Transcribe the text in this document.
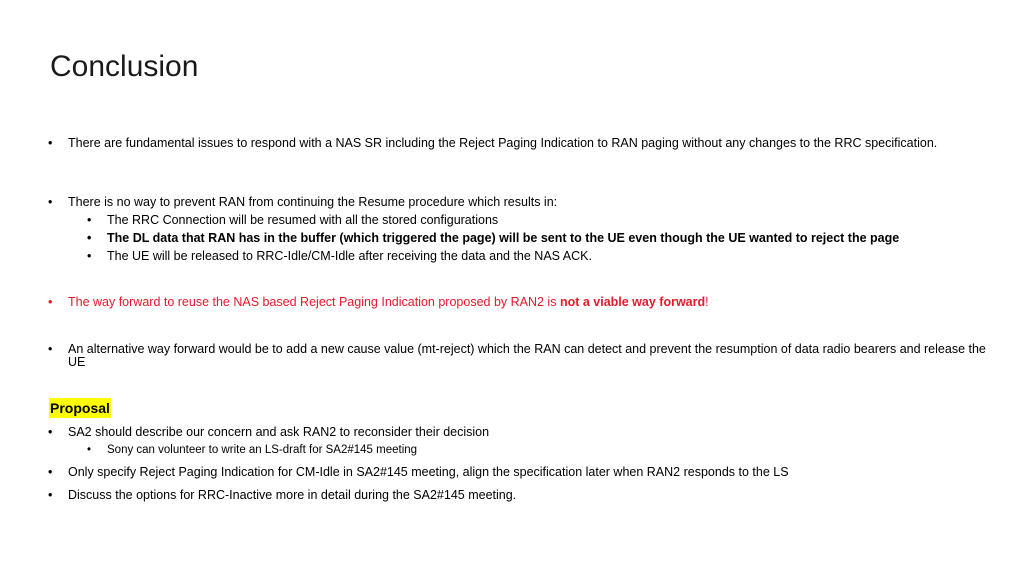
Conclusion
•	There are fundamental issues to respond with a NAS SR including the Reject Paging Indication to RAN paging without any changes to the RRC specification.
•	There is no way to prevent RAN from continuing the Resume procedure which results in:
•	The RRC Connection will be resumed with all the stored configurations
•	The DL data that RAN has in the buffer (which triggered the page) will be sent to the UE even though the UE wanted to reject the page
•	The UE will be released to RRC-Idle/CM-Idle after receiving the data and the NAS ACK.
•	The way forward to reuse the NAS based Reject Paging Indication proposed by RAN2 is not a viable way forward!
•	An alternative way forward would be to add a new cause value (mt-reject) which the RAN can detect and prevent the resumption of data radio bearers and release the UE
Proposal
•	SA2 should describe our concern and ask RAN2 to reconsider their decision
•	Sony can volunteer to write an LS-draft for SA2#145 meeting
•	Only specify Reject Paging Indication for CM-Idle in SA2#145 meeting, align the specification later when RAN2 responds to the LS
•	Discuss the options for RRC-Inactive more in detail during the SA2#145 meeting.
